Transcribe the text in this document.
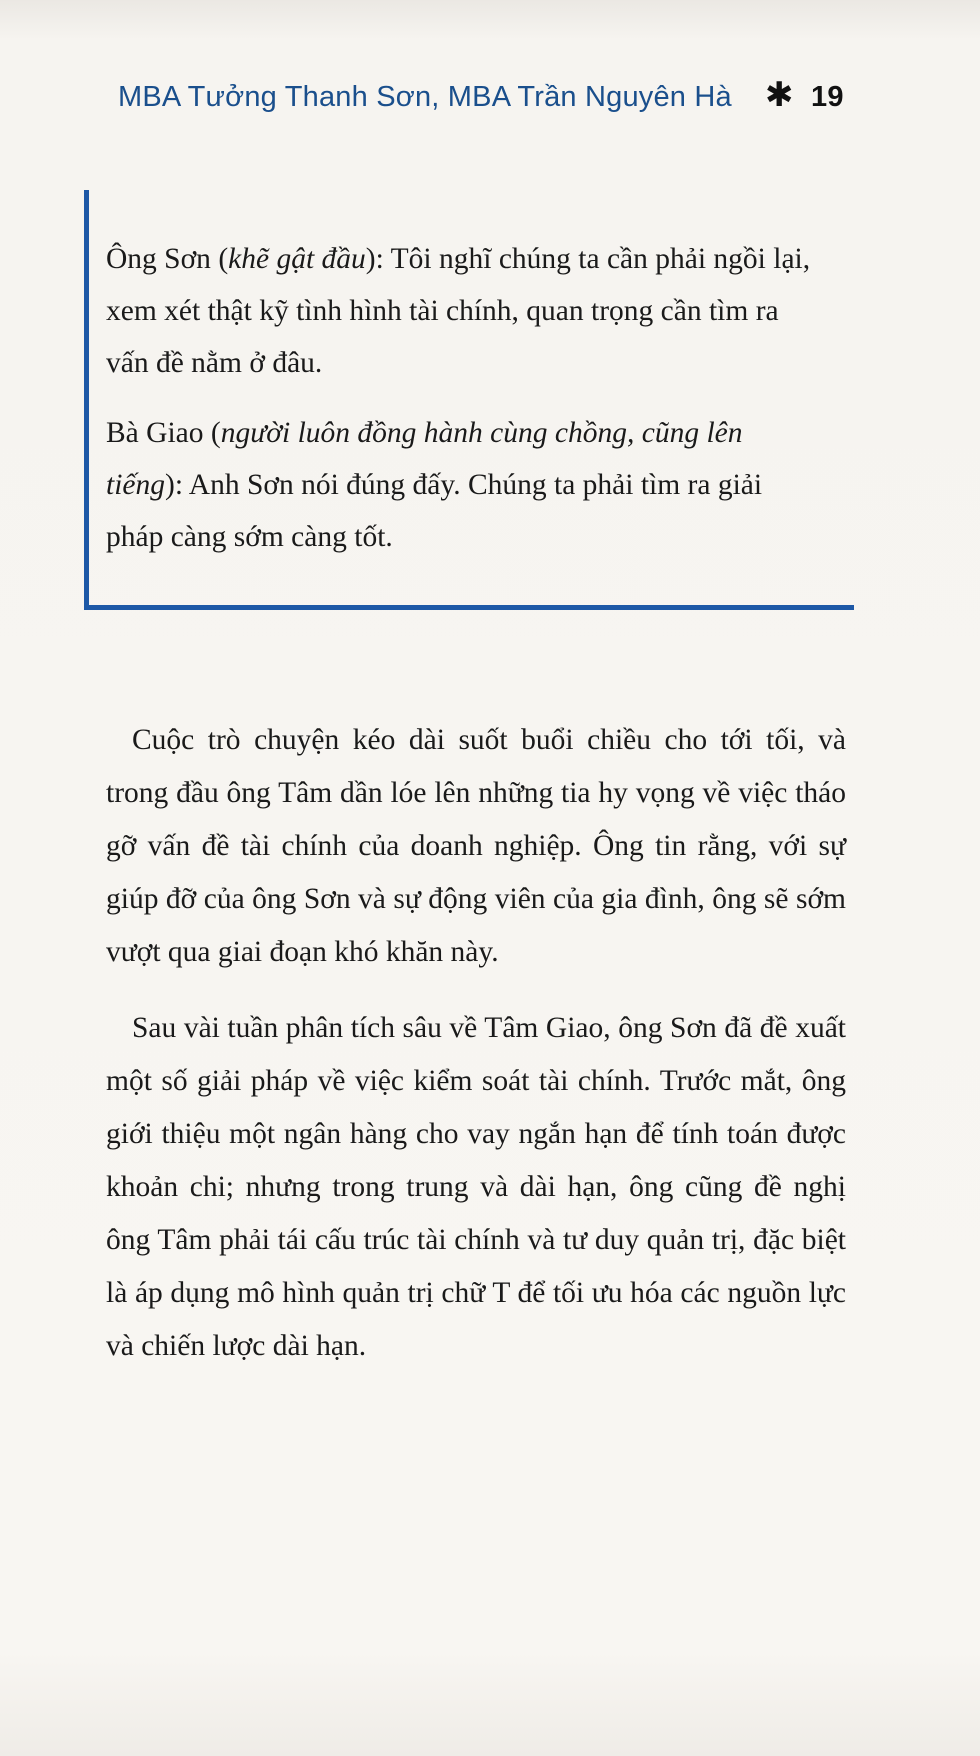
MBA Tưởng Thanh Sơn, MBA Trần Nguyên Hà ✱ 19

Ông Sơn (khẽ gật đầu): Tôi nghĩ chúng ta cần phải ngồi lại, xem xét thật kỹ tình hình tài chính, quan trọng cần tìm ra vấn đề nằm ở đâu.

Bà Giao (người luôn đồng hành cùng chồng, cũng lên tiếng): Anh Sơn nói đúng đấy. Chúng ta phải tìm ra giải pháp càng sớm càng tốt.

Cuộc trò chuyện kéo dài suốt buổi chiều cho tới tối, và trong đầu ông Tâm dần lóe lên những tia hy vọng về việc tháo gỡ vấn đề tài chính của doanh nghiệp. Ông tin rằng, với sự giúp đỡ của ông Sơn và sự động viên của gia đình, ông sẽ sớm vượt qua giai đoạn khó khăn này.

Sau vài tuần phân tích sâu về Tâm Giao, ông Sơn đã đề xuất một số giải pháp về việc kiểm soát tài chính. Trước mắt, ông giới thiệu một ngân hàng cho vay ngắn hạn để tính toán được khoản chi; nhưng trong trung và dài hạn, ông cũng đề nghị ông Tâm phải tái cấu trúc tài chính và tư duy quản trị, đặc biệt là áp dụng mô hình quản trị chữ T để tối ưu hóa các nguồn lực và chiến lược dài hạn.
